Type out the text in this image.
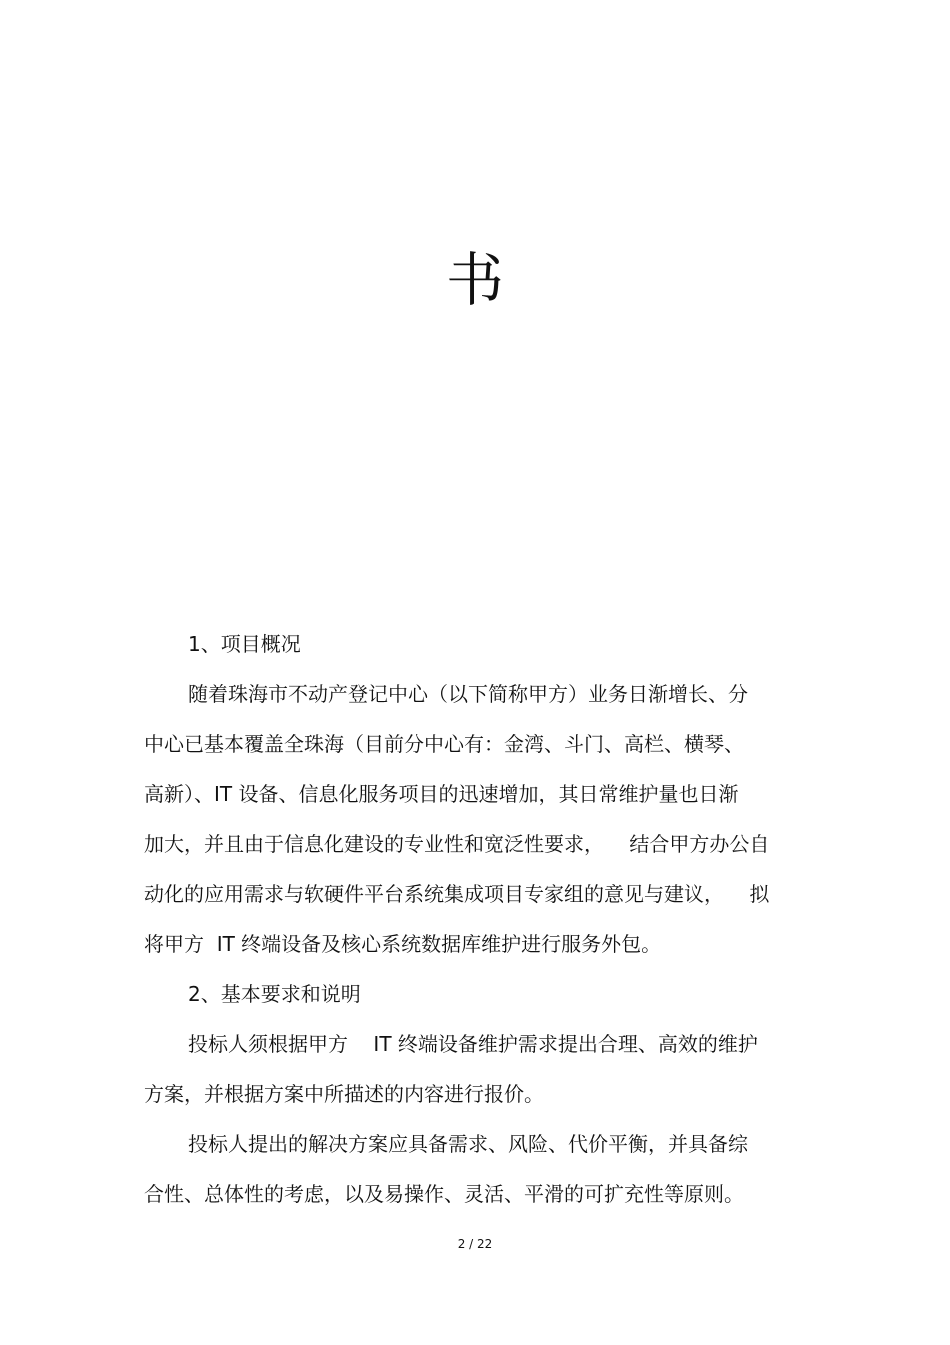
书
1、项目概况
随着珠海市不动产登记中心（以下简称甲方）业务日渐增长、分
中心已基本覆盖全珠海（目前分中心有：金湾、斗门、高栏、横琴、
高新）、IT 设备、信息化服务项目的迅速增加，其日常维护量也日渐
加大，并且由于信息化建设的专业性和宽泛性要求，    结合甲方办公自
动化的应用需求与软硬件平台系统集成项目专家组的意见与建议，    拟
将甲方  IT 终端设备及核心系统数据库维护进行服务外包。
2、基本要求和说明
投标人须根据甲方    IT 终端设备维护需求提出合理、高效的维护
方案，并根据方案中所描述的内容进行报价。
投标人提出的解决方案应具备需求、风险、代价平衡，并具备综
合性、总体性的考虑，以及易操作、灵活、平滑的可扩充性等原则。
2 / 22
